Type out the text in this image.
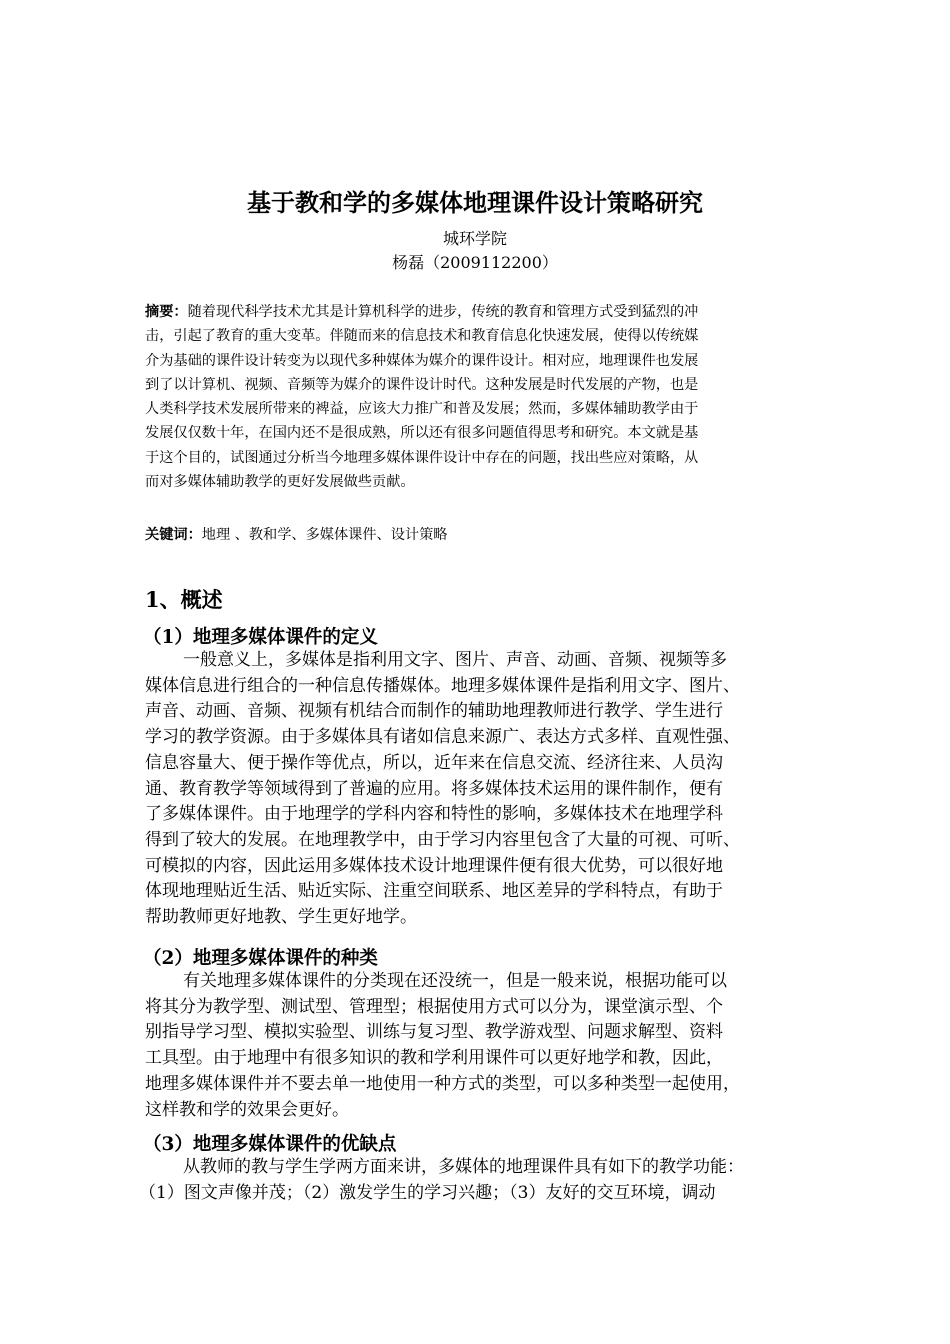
基于教和学的多媒体地理课件设计策略研究
城环学院
杨磊（2009112200）
摘要：随着现代科学技术尤其是计算机科学的进步，传统的教育和管理方式受到猛烈的冲
击，引起了教育的重大变革。伴随而来的信息技术和教育信息化快速发展，使得以传统媒
介为基础的课件设计转变为以现代多种媒体为媒介的课件设计。相对应，地理课件也发展
到了以计算机、视频、音频等为媒介的课件设计时代。这种发展是时代发展的产物，也是
人类科学技术发展所带来的裨益，应该大力推广和普及发展；然而，多媒体辅助教学由于
发展仅仅数十年，在国内还不是很成熟，所以还有很多问题值得思考和研究。本文就是基
于这个目的，试图通过分析当今地理多媒体课件设计中存在的问题，找出些应对策略，从
而对多媒体辅助教学的更好发展做些贡献。
关键词：地理 、教和学、多媒体课件、设计策略
1、概述
（1）地理多媒体课件的定义
一般意义上，多媒体是指利用文字、图片、声音、动画、音频、视频等多
媒体信息进行组合的一种信息传播媒体。地理多媒体课件是指利用文字、图片、
声音、动画、音频、视频有机结合而制作的辅助地理教师进行教学、学生进行
学习的教学资源。由于多媒体具有诸如信息来源广、表达方式多样、直观性强、
信息容量大、便于操作等优点，所以，近年来在信息交流、经济往来、人员沟
通、教育教学等领域得到了普遍的应用。将多媒体技术运用的课件制作，便有
了多媒体课件。由于地理学的学科内容和特性的影响，多媒体技术在地理学科
得到了较大的发展。在地理教学中，由于学习内容里包含了大量的可视、可听、
可模拟的内容，因此运用多媒体技术设计地理课件便有很大优势，可以很好地
体现地理贴近生活、贴近实际、注重空间联系、地区差异的学科特点，有助于
帮助教师更好地教、学生更好地学。
（2）地理多媒体课件的种类
有关地理多媒体课件的分类现在还没统一，但是一般来说，根据功能可以
将其分为教学型、测试型、管理型；根据使用方式可以分为，课堂演示型、个
别指导学习型、模拟实验型、训练与复习型、教学游戏型、问题求解型、资料
工具型。由于地理中有很多知识的教和学利用课件可以更好地学和教，因此，
地理多媒体课件并不要去单一地使用一种方式的类型，可以多种类型一起使用，
这样教和学的效果会更好。
（3）地理多媒体课件的优缺点
从教师的教与学生学两方面来讲，多媒体的地理课件具有如下的教学功能：
（1）图文声像并茂；（2）激发学生的学习兴趣；（3）友好的交互环境，调动
